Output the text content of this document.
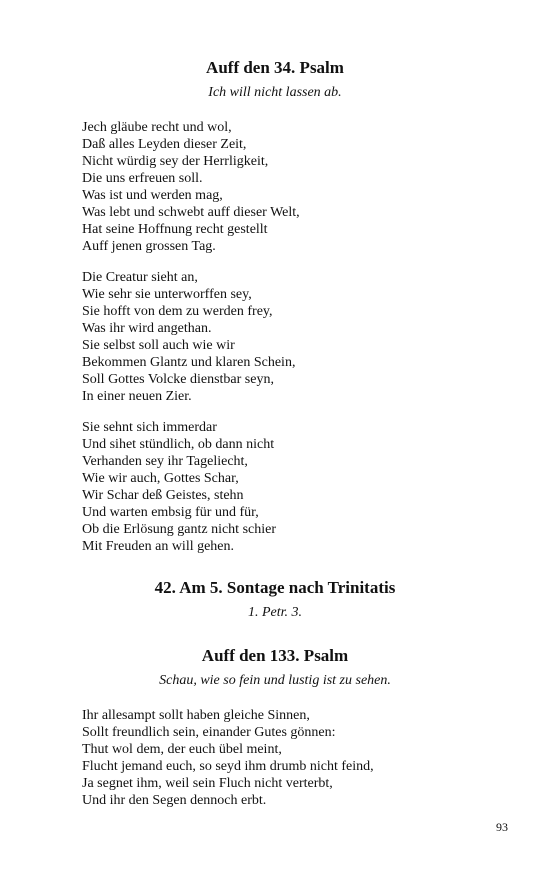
Auff den 34. Psalm

Ich will nicht lassen ab.

Jech gläube recht und wol,
Daß alles Leyden dieser Zeit,
Nicht würdig sey der Herrligkeit,
Die uns erfreuen soll.
Was ist und werden mag,
Was lebt und schwebt auff dieser Welt,
Hat seine Hoffnung recht gestellt
Auff jenen grossen Tag.
Die Creatur sieht an,
Wie sehr sie unterworffen sey,
Sie hofft von dem zu werden frey,
Was ihr wird angethan.
Sie selbst soll auch wie wir
Bekommen Glantz und klaren Schein,
Soll Gottes Volcke dienstbar seyn,
In einer neuen Zier.
Sie sehnt sich immerdar
Und sihet stündlich, ob dann nicht
Verhanden sey ihr Tageliecht,
Wie wir auch, Gottes Schar,
Wir Schar deß Geistes, stehn
Und warten embsig für und für,
Ob die Erlösung gantz nicht schier
Mit Freuden an will gehen.
42. Am 5. Sontage nach Trinitatis

1. Petr. 3.

Auff den 133. Psalm

Schau, wie so fein und lustig ist zu sehen.

Ihr allesampt sollt haben gleiche Sinnen,
Sollt freundlich sein, einander Gutes gönnen:
Thut wol dem, der euch übel meint,
Flucht jemand euch, so seyd ihm drumb nicht feind,
Ja segnet ihm, weil sein Fluch nicht verterbt,
Und ihr den Segen dennoch erbt.
93
